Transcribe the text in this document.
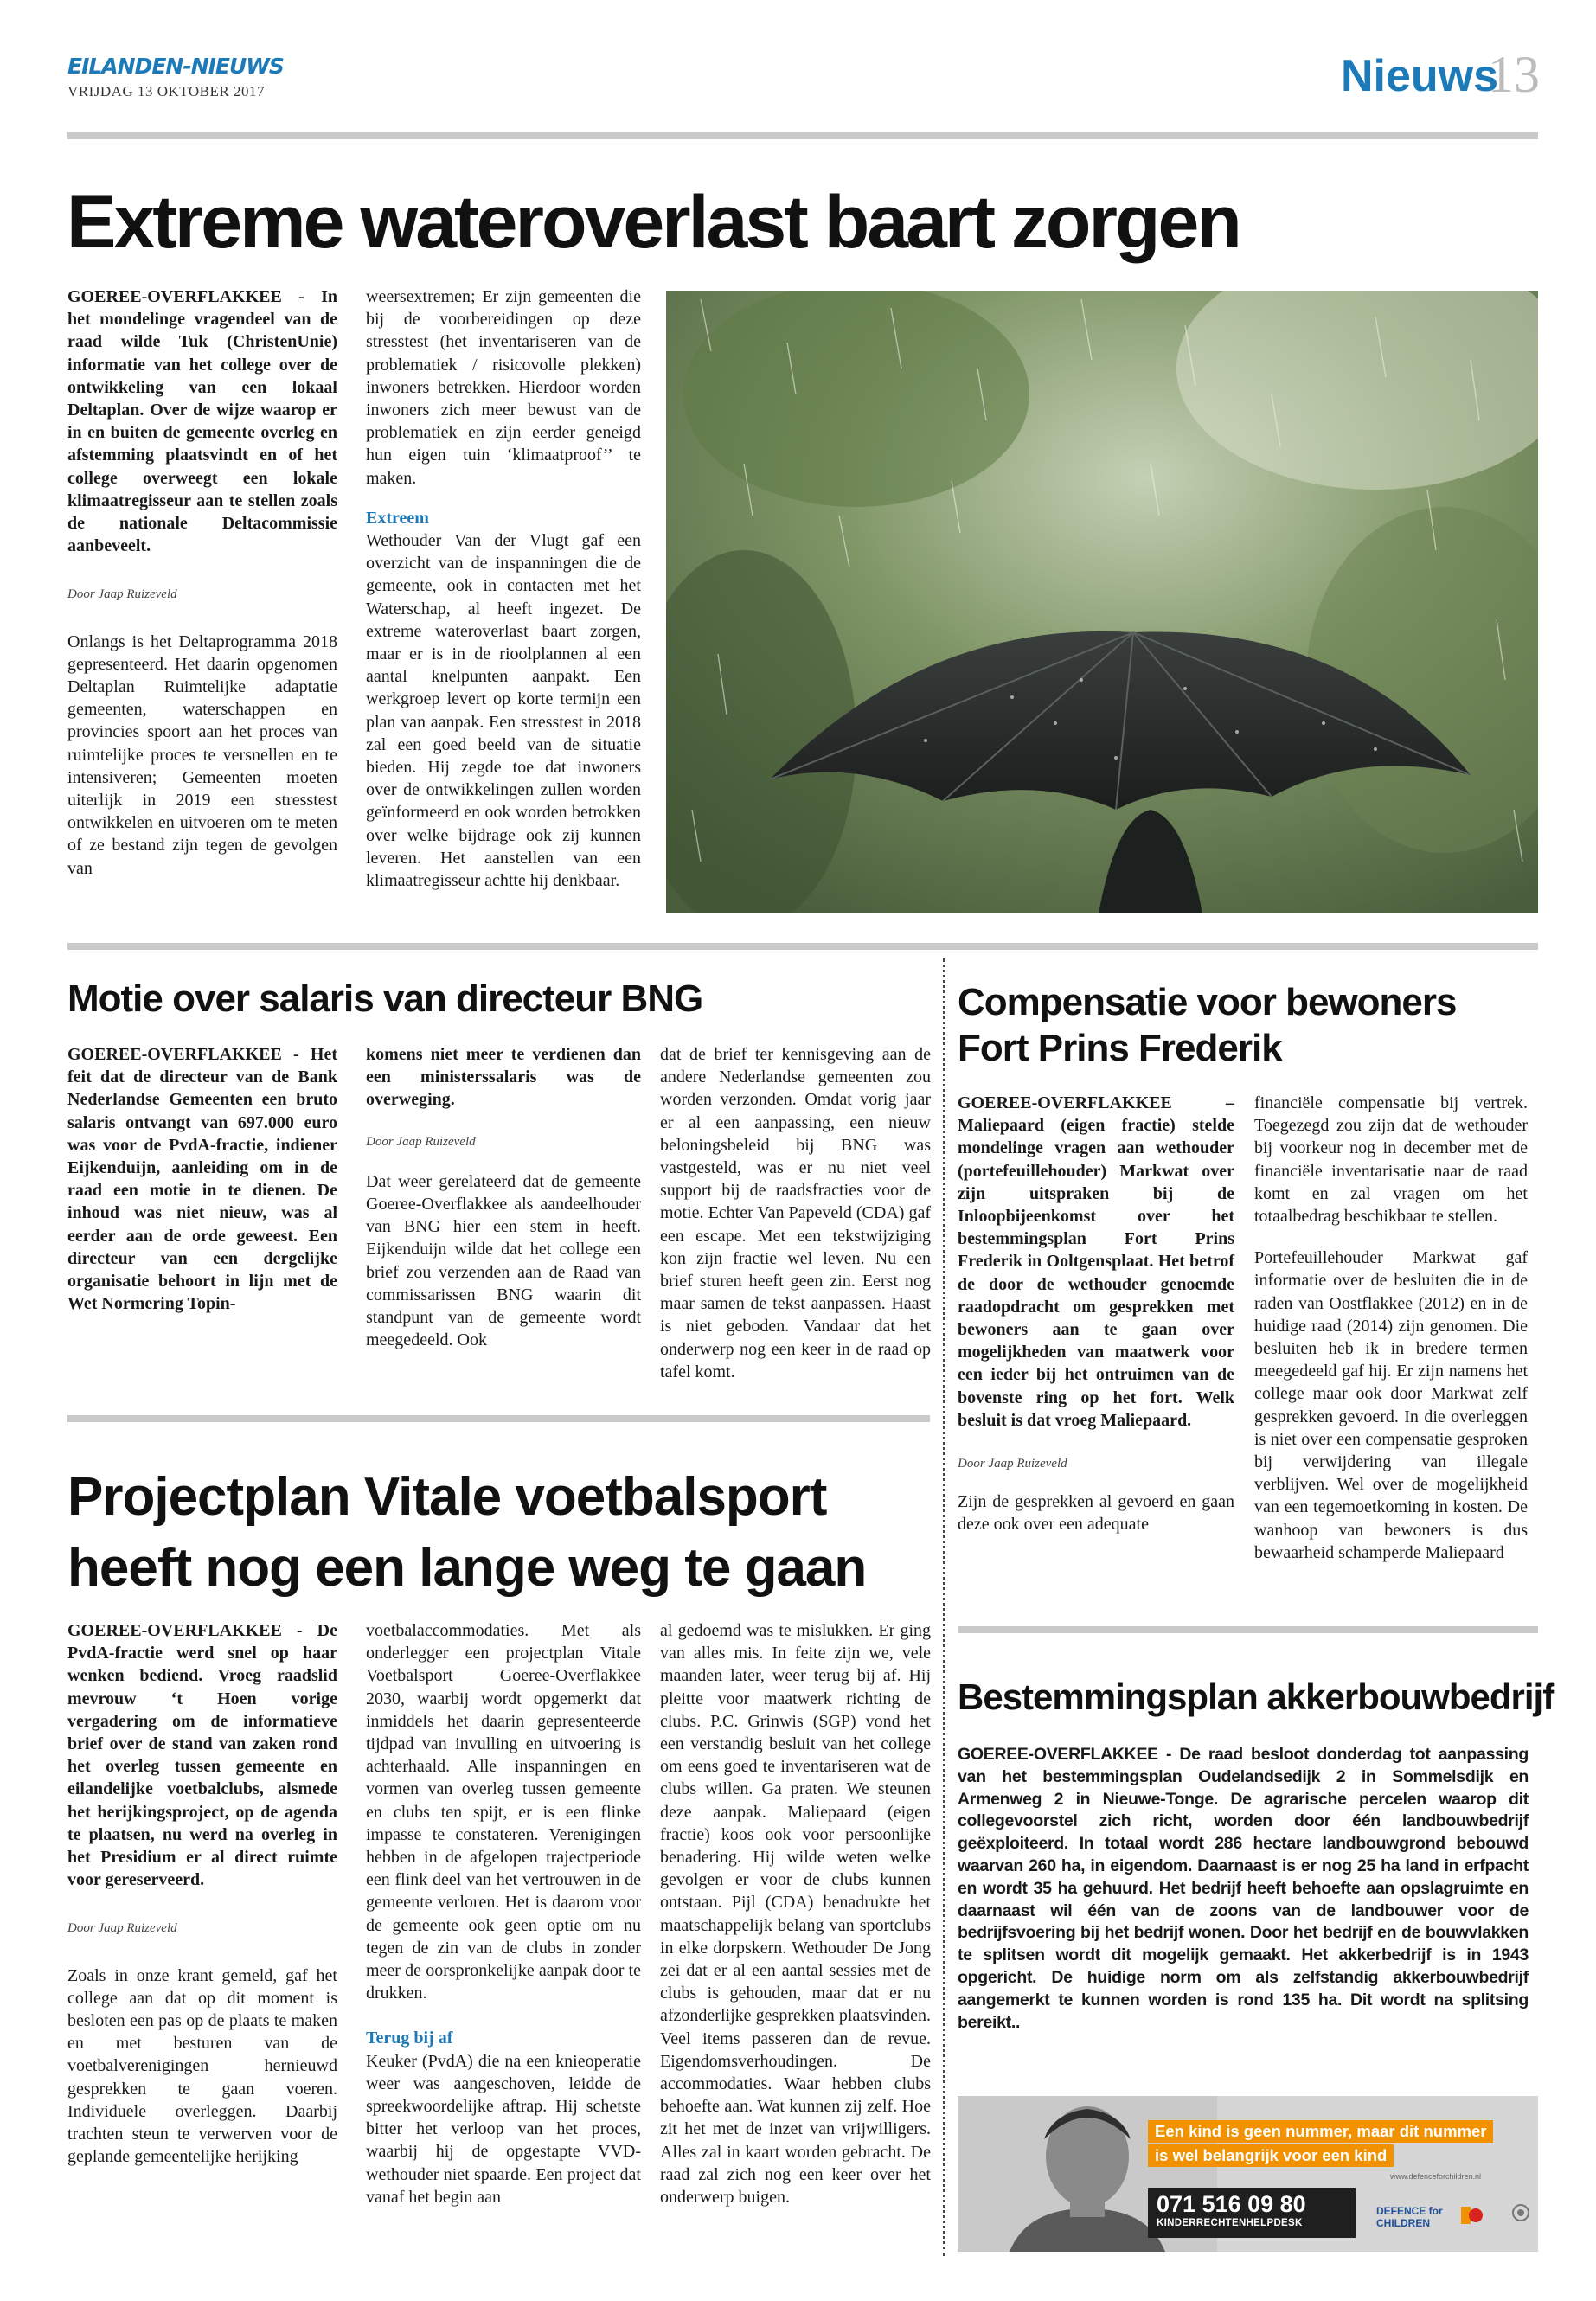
EILANDEN-NIEUWS
VRIJDAG 13 OKTOBER 2017	Nieuws
13
Extreme wateroverlast baart zorgen

GOEREE-OVERFLAKKEE - In het mondelinge vragendeel van de raad wilde Tuk (ChristenUnie) informatie van het college over de ontwikkeling van een lokaal Deltaplan. Over de wijze waarop er in en buiten de gemeente overleg en afstemming plaatsvindt en of het college overweegt een lokale klimaatregisseur aan te stellen zoals de nationale Deltacommissie aanbeveelt.

Door Jaap Ruizeveld

Onlangs is het Deltaprogramma 2018 gepresenteerd. Het daarin opgenomen Deltaplan Ruimtelijke adaptatie gemeenten, waterschappen en provincies spoort aan het proces van ruimtelijke proces te versnellen en te intensiveren; Gemeenten moeten uiterlijk in 2019 een stresstest ontwikkelen en uitvoeren om te meten of ze bestand zijn tegen de gevolgen van

weersextremen; Er zijn gemeenten die bij de voorbereidingen op deze stresstest (het inventariseren van de problematiek / risicovolle plekken) inwoners betrekken. Hierdoor worden inwoners zich meer bewust van de problematiek en zijn eerder geneigd hun eigen tuin ‘klimaatproof’’ te maken.

Extreem

Wethouder Van der Vlugt gaf een overzicht van de inspanningen die de gemeente, ook in contacten met het Waterschap, al heeft ingezet. De extreme wateroverlast baart zorgen, maar er is in de rioolplannen al een aantal knelpunten aanpakt. Een werkgroep levert op korte termijn een plan van aanpak. Een stresstest in 2018 zal een goed beeld van de situatie bieden. Hij zegde toe dat inwoners over de ontwikkelingen zullen worden geïnformeerd en ook worden betrokken over welke bijdrage ook zij kunnen leveren. Het aanstellen van een klimaatregisseur achtte hij denkbaar.

Motie over salaris van directeur BNG

GOEREE-OVERFLAKKEE - Het feit dat de directeur van de Bank Nederlandse Gemeenten een bruto salaris ontvangt van 697.000 euro was voor de PvdA-fractie, indiener Eijkenduijn, aanleiding om in de raad een motie in te dienen. De inhoud was niet nieuw, was al eerder aan de orde geweest. Een directeur van een dergelijke organisatie behoort in lijn met de Wet Normering Topin-

komens niet meer te verdienen dan een ministerssalaris was de overweging.

Door Jaap Ruizeveld

Dat weer gerelateerd dat de gemeente Goeree-Overflakkee als aandeelhouder van BNG hier een stem in heeft. Eijkenduijn wilde dat het college een brief zou verzenden aan de Raad van commissarissen BNG waarin dit standpunt van de gemeente wordt meegedeeld. Ook

dat de brief ter kennisgeving aan de andere Nederlandse gemeenten zou worden verzonden. Omdat vorig jaar er al een aanpassing, een nieuw beloningsbeleid bij BNG was vastgesteld, was er nu niet veel support bij de raadsfracties voor de motie. Echter Van Papeveld (CDA) gaf een escape. Met een tekstwijziging kon zijn fractie wel leven. Nu een brief sturen heeft geen zin. Eerst nog maar samen de tekst aanpassen. Haast is niet geboden. Vandaar dat het onderwerp nog een keer in de raad op tafel komt.

Compensatie voor bewoners
Fort Prins Frederik

GOEREE-OVERFLAKKEE – Maliepaard (eigen fractie) stelde mondelinge vragen aan wethouder (portefeuillehouder) Markwat over zijn uitspraken bij de Inloopbijeenkomst over het bestemmingsplan Fort Prins Frederik in Ooltgensplaat. Het betrof de door de wethouder genoemde raadopdracht om gesprekken met bewoners aan te gaan over mogelijkheden van maatwerk voor een ieder bij het ontruimen van de bovenste ring op het fort. Welk besluit is dat vroeg Maliepaard.

Door Jaap Ruizeveld

Zijn de gesprekken al gevoerd en gaan deze ook over een adequate

financiële compensatie bij vertrek. Toegezegd zou zijn dat de wethouder bij voorkeur nog in december met de financiële inventarisatie naar de raad komt en zal vragen om het totaalbedrag beschikbaar te stellen.

Portefeuillehouder Markwat gaf informatie over de besluiten die in de raden van Oostflakkee (2012) en in de huidige raad (2014) zijn genomen. Die besluiten heb ik in bredere termen meegedeeld gaf hij. Er zijn namens het college maar ook door Markwat zelf gesprekken gevoerd. In die overleggen is niet over een compensatie gesproken bij verwijdering van illegale verblijven. Wel over de mogelijkheid van een tegemoetkoming in kosten. De wanhoop van bewoners is dus bewaarheid schamperde Maliepaard

Projectplan Vitale voetbalsport
heeft nog een lange weg te gaan

GOEREE-OVERFLAKKEE - De PvdA-fractie werd snel op haar wenken bediend. Vroeg raadslid mevrouw ‘t Hoen vorige vergadering om de informatieve brief over de stand van zaken rond het overleg tussen gemeente en eilandelijke voetbalclubs, alsmede het herijkingsproject, op de agenda te plaatsen, nu werd na overleg in het Presidium er al direct ruimte voor gereserveerd.

Door Jaap Ruizeveld

Zoals in onze krant gemeld, gaf het college aan dat op dit moment is besloten een pas op de plaats te maken en met besturen van de voetbalverenigingen hernieuwd gesprekken te gaan voeren. Individuele overleggen. Daarbij trachten steun te verwerven voor de geplande gemeentelijke herijking

voetbalaccommodaties. Met als onderlegger een projectplan Vitale Voetbalsport Goeree-Overflakkee 2030, waarbij wordt opgemerkt dat inmiddels het daarin gepresenteerde tijdpad van invulling en uitvoering is achterhaald. Alle inspanningen en vormen van overleg tussen gemeente en clubs ten spijt, er is een flinke impasse te constateren. Verenigingen hebben in de afgelopen trajectperiode een flink deel van het vertrouwen in de gemeente verloren. Het is daarom voor de gemeente ook geen optie om nu tegen de zin van de clubs in zonder meer de oorspronkelijke aanpak door te drukken.

Terug bij af

Keuker (PvdA) die na een knieoperatie weer was aangeschoven, leidde de spreekwoordelijke aftrap. Hij schetste bitter het verloop van het proces, waarbij hij de opgestapte VVD-wethouder niet spaarde. Een project dat vanaf het begin aan

al gedoemd was te mislukken. Er ging van alles mis. In feite zijn we, vele maanden later, weer terug bij af. Hij pleitte voor maatwerk richting de clubs. P.C. Grinwis (SGP) vond het een verstandig besluit van het college om eens goed te inventariseren wat de clubs willen. Ga praten. We steunen deze aanpak. Maliepaard (eigen fractie) koos ook voor persoonlijke benadering. Hij wilde weten welke gevolgen er voor de clubs kunnen ontstaan. Pijl (CDA) benadrukte het maatschappelijk belang van sportclubs in elke dorpskern. Wethouder De Jong zei dat er al een aantal sessies met de clubs is gehouden, maar dat er nu afzonderlijke gesprekken plaatsvinden. Veel items passeren dan de revue. Eigendomsverhoudingen. De accommodaties. Waar hebben clubs behoefte aan. Wat kunnen zij zelf. Hoe zit het met de inzet van vrijwilligers. Alles zal in kaart worden gebracht. De raad zal zich nog een keer over het onderwerp buigen.

Bestemmingsplan akkerbouwbedrijf
GOEREE-OVERFLAKKEE - De raad besloot donderdag tot aanpassing van het bestemmingsplan Oudelandsedijk 2 in Sommelsdijk en Armenweg 2 in Nieuwe-Tonge. De agrarische percelen waarop dit collegevoorstel zich richt, worden door één landbouwbedrijf geëxploiteerd. In totaal wordt 286 hectare landbouwgrond bebouwd waarvan 260 ha, in eigendom. Daarnaast is er nog 25 ha land in erfpacht en wordt 35 ha gehuurd. Het bedrijf heeft behoefte aan opslagruimte en daarnaast wil één van de zoons van de landbouwer voor de bedrijfsvoering bij het bedrijf wonen. Door het bedrijf en de bouwvlakken te splitsen wordt dit mogelijk gemaakt. Het akkerbedrijf is in 1943 opgericht. De huidige norm om als zelfstandig akkerbouwbedrijf aangemerkt te kunnen worden is rond 135 ha. Dit wordt na splitsing bereikt..
Een kind is geen nummer, maar dit nummer
is wel belangrijk voor een kind
www.defenceforchildren.nl
071 516 09 80
KINDERRECHTENHELPDESK
DEFENCE for
CHILDREN
